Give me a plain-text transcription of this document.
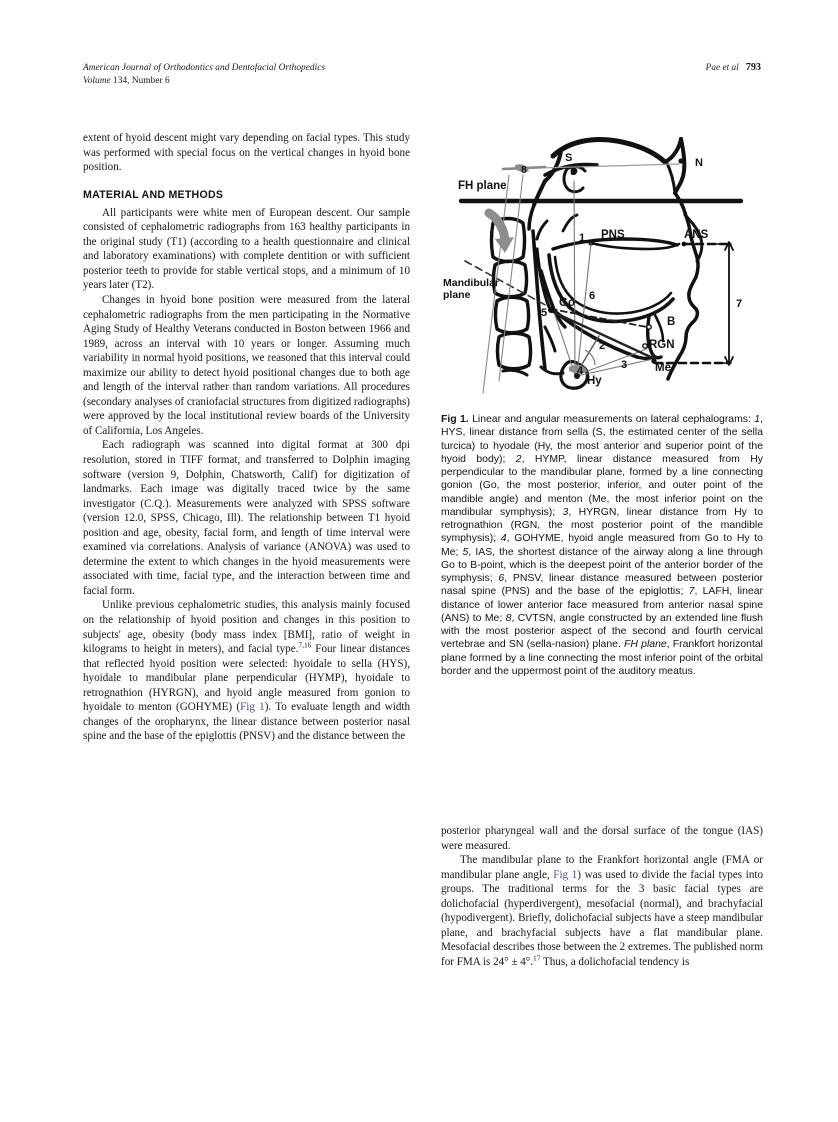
American Journal of Orthodontics and Dentofacial Orthopedics
Volume 134, Number 6
Pae et al 793

extent of hyoid descent might vary depending on facial types. This study was performed with special focus on the vertical changes in hyoid bone position.

MATERIAL AND METHODS

All participants were white men of European descent. Our sample consisted of cephalometric radiographs from 163 healthy participants in the original study (T1) (according to a health questionnaire and clinical and laboratory examinations) with complete dentition or with sufficient posterior teeth to provide for stable vertical stops, and a minimum of 10 years later (T2).

Changes in hyoid bone position were measured from the lateral cephalometric radiographs from the men participating in the Normative Aging Study of Healthy Veterans conducted in Boston between 1966 and 1989, across an interval with 10 years or longer. Assuming much variability in normal hyoid positions, we reasoned that this interval could maximize our ability to detect hyoid positional changes due to both age and length of the interval rather than random variations. All procedures (secondary analyses of craniofacial structures from digitized radiographs) were approved by the local institutional review boards of the University of California, Los Angeles.

Each radiograph was scanned into digital format at 300 dpi resolution, stored in TIFF format, and transferred to Dolphin imaging software (version 9, Dolphin, Chatsworth, Calif) for digitization of landmarks. Each image was digitally traced twice by the same investigator (C.Q.). Measurements were analyzed with SPSS software (version 12.0, SPSS, Chicago, Ill). The relationship between T1 hyoid position and age, obesity, facial form, and length of time interval were examined via correlations. Analysis of variance (ANOVA) was used to determine the extent to which changes in the hyoid measurements were associated with time, facial type, and the interaction between time and facial form.

Unlike previous cephalometric studies, this analysis mainly focused on the relationship of hyoid position and changes in this position to subjects' age, obesity (body mass index [BMI], ratio of weight in kilograms to height in meters), and facial type.$^{7,16}$ Four linear distances that reflected hyoid position were selected: hyoidale to sella (HYS), hyoidale to mandibular plane perpendicular (HYMP), hyoidale to retrognathion (HYRGN), and hyoid angle measured from gonion to hyoidale to menton (GOHYME) (Fig 1). To evaluate length and width changes of the oropharynx, the linear distance between posterior nasal spine and the base of the epiglottis (PNSV) and the distance between the

FH plane
Mandibular
plane
S
S
N
PNS	ANS
Go
B
RGN
Me
Hy
1
2
3
4
5
6
7
8
Fig 1. Linear and angular measurements on lateral cephalograms: 1, HYS, linear distance from sella (S, the estimated center of the sella turcica) to hyodale (Hy, the most anterior and superior point of the hyoid body); 2, HYMP, linear distance measured from Hy perpendicular to the mandibular plane, formed by a line connecting gonion (Go, the most posterior, inferior, and outer point of the mandible angle) and menton (Me, the most inferior point on the mandibular symphysis); 3, HYRGN, linear distance from Hy to retrognathion (RGN, the most posterior point of the mandible symphysis); 4, GOHYME, hyoid angle measured from Go to Hy to Me; 5, IAS, the shortest distance of the airway along a line through Go to B-point, which is the deepest point of the anterior border of the symphysis; 6, PNSV, linear distance measured between posterior nasal spine (PNS) and the base of the epiglottis; 7, LAFH, linear distance of lower anterior face measured from anterior nasal spine (ANS) to Me; 8, CVTSN, angle constructed by an extended line flush with the most posterior aspect of the second and fourth cervical vertebrae and SN (sella-nasion) plane. FH plane, Frankfort horizontal plane formed by a line connecting the most inferior point of the orbital border and the uppermost point of the auditory meatus.

posterior pharyngeal wall and the dorsal surface of the tongue (IAS) were measured.

The mandibular plane to the Frankfort horizontal angle (FMA or mandibular plane angle, Fig 1) was used to divide the facial types into groups. The traditional terms for the 3 basic facial types are dolichofacial (hyperdivergent), mesofacial (normal), and brachyfacial (hypodivergent). Briefly, dolichofacial subjects have a steep mandibular plane, and brachyfacial subjects have a flat mandibular plane. Mesofacial describes those between the 2 extremes. The published norm for FMA is 24° ± 4°.$^{17}$ Thus, a dolichofacial tendency is
